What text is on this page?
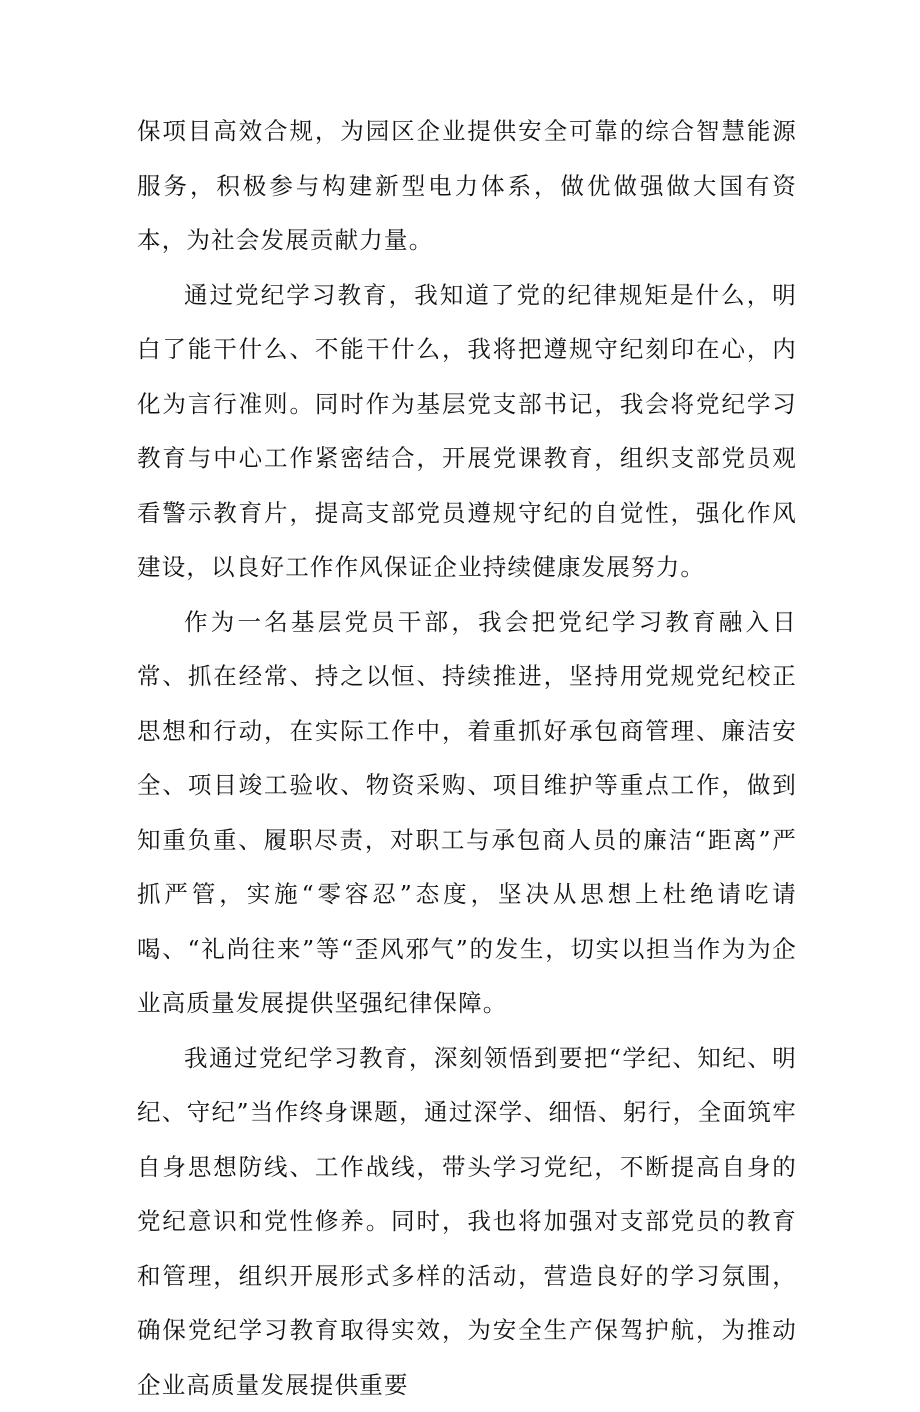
保项目高效合规，为园区企业提供安全可靠的综合智慧能源服务，积极参与构建新型电力体系，做优做强做大国有资本，为社会发展贡献力量。

通过党纪学习教育，我知道了党的纪律规矩是什么，明白了能干什么、不能干什么，我将把遵规守纪刻印在心，内化为言行准则。同时作为基层党支部书记，我会将党纪学习教育与中心工作紧密结合，开展党课教育，组织支部党员观看警示教育片，提高支部党员遵规守纪的自觉性，强化作风建设，以良好工作作风保证企业持续健康发展努力。

作为一名基层党员干部，我会把党纪学习教育融入日常、抓在经常、持之以恒、持续推进，坚持用党规党纪校正思想和行动，在实际工作中，着重抓好承包商管理、廉洁安全、项目竣工验收、物资采购、项目维护等重点工作，做到知重负重、履职尽责，对职工与承包商人员的廉洁“距离”严抓严管，实施“零容忍”态度，坚决从思想上杜绝请吃请喝、“礼尚往来”等“歪风邪气”的发生，切实以担当作为为企业高质量发展提供坚强纪律保障。

我通过党纪学习教育，深刻领悟到要把“学纪、知纪、明纪、守纪”当作终身课题，通过深学、细悟、躬行，全面筑牢自身思想防线、工作战线，带头学习党纪，不断提高自身的党纪意识和党性修养。同时，我也将加强对支部党员的教育和管理，组织开展形式多样的活动，营造良好的学习氛围，确保党纪学习教育取得实效，为安全生产保驾护航，为推动企业高质量发展提供重要
